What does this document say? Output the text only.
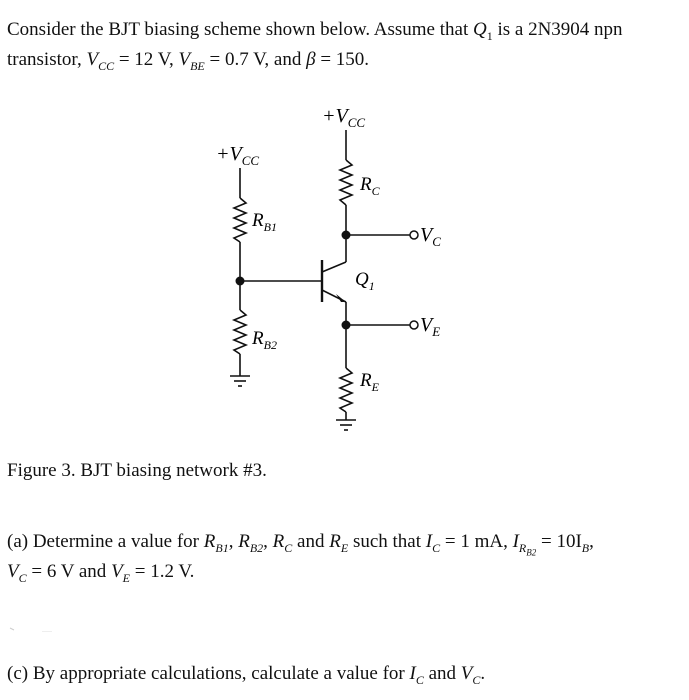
Consider the BJT biasing scheme shown below. Assume that $Q_1$ is a 2N3904 npn
transistor, $V_{CC} = 12$ V, $V_{BE} = 0.7$ V, and β = 150.

$+V_{CC}$
$+V_{CC}$
$R_{B1}$
$R_{B2}$
$R_C$
$R_E$
$Q_1$
$V_C$
$V_E$

Figure 3. BJT biasing network #3.

(a) Determine a value for $R_{B1}$, $R_{B2}$, $R_C$ and $R_E$ such that $I_C = 1$ mA, $I_{R_{B2}} = 10I_B$,
$V_C = 6$ V and $V_E = 1.2$ V.

(c) By appropriate calculations, calculate a value for $I_C$ and $V_C$.
